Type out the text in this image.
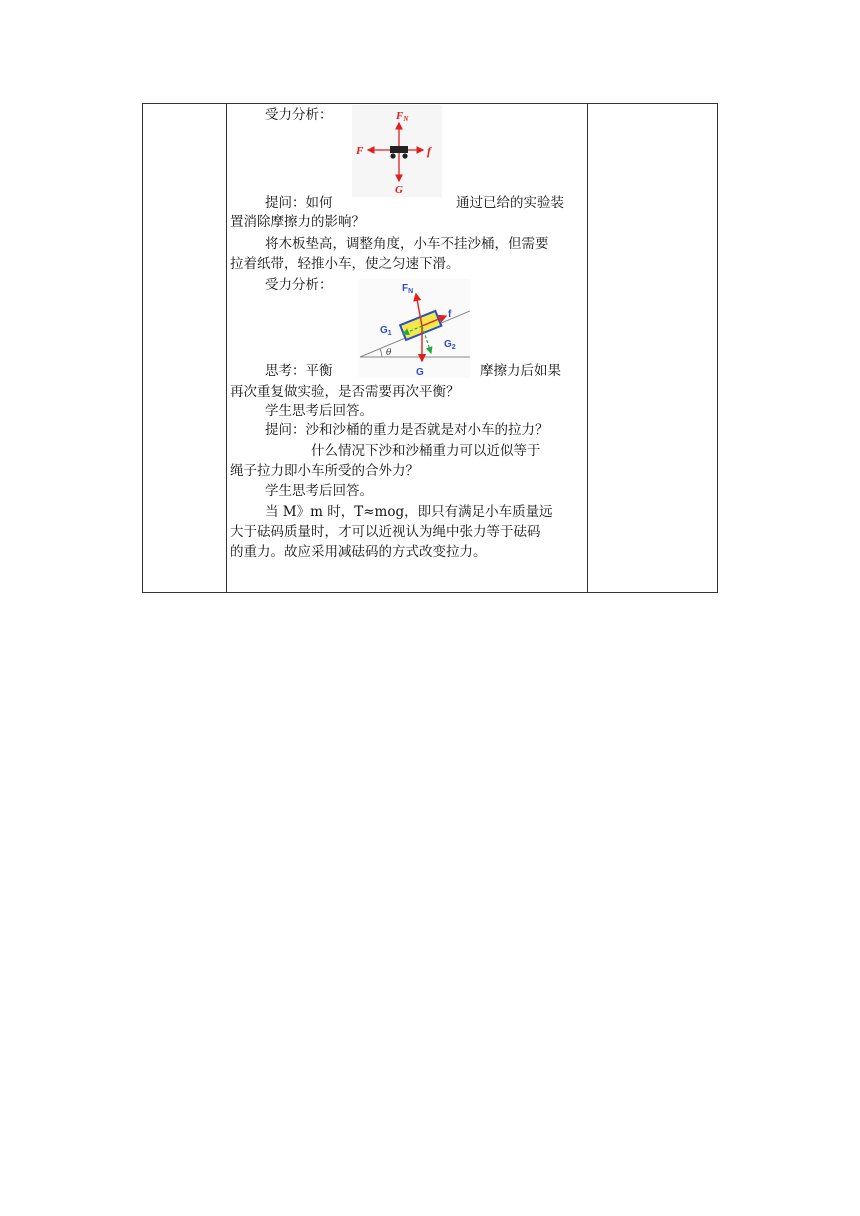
受力分析：	FN
F	f
G
提问：如何	通过已给的实验装
置消除摩擦力的影响？
将木板垫高，调整角度，小车不挂沙桶，但需要
拉着纸带，轻推小车，使之匀速下滑。
受力分析：	$F_N$
f
$G_1$
$G_2$
G
θ
思考：平衡	摩擦力后如果
再次重复做实验，是否需要再次平衡？
学生思考后回答。
提问：沙和沙桶的重力是否就是对小车的拉力？
什么情况下沙和沙桶重力可以近似等于
绳子拉力即小车所受的合外力？
学生思考后回答。
当 M》m 时，T≈mog，即只有满足小车质量远
大于砝码质量时，才可以近视认为绳中张力等于砝码
的重力。故应采用减砝码的方式改变拉力。
